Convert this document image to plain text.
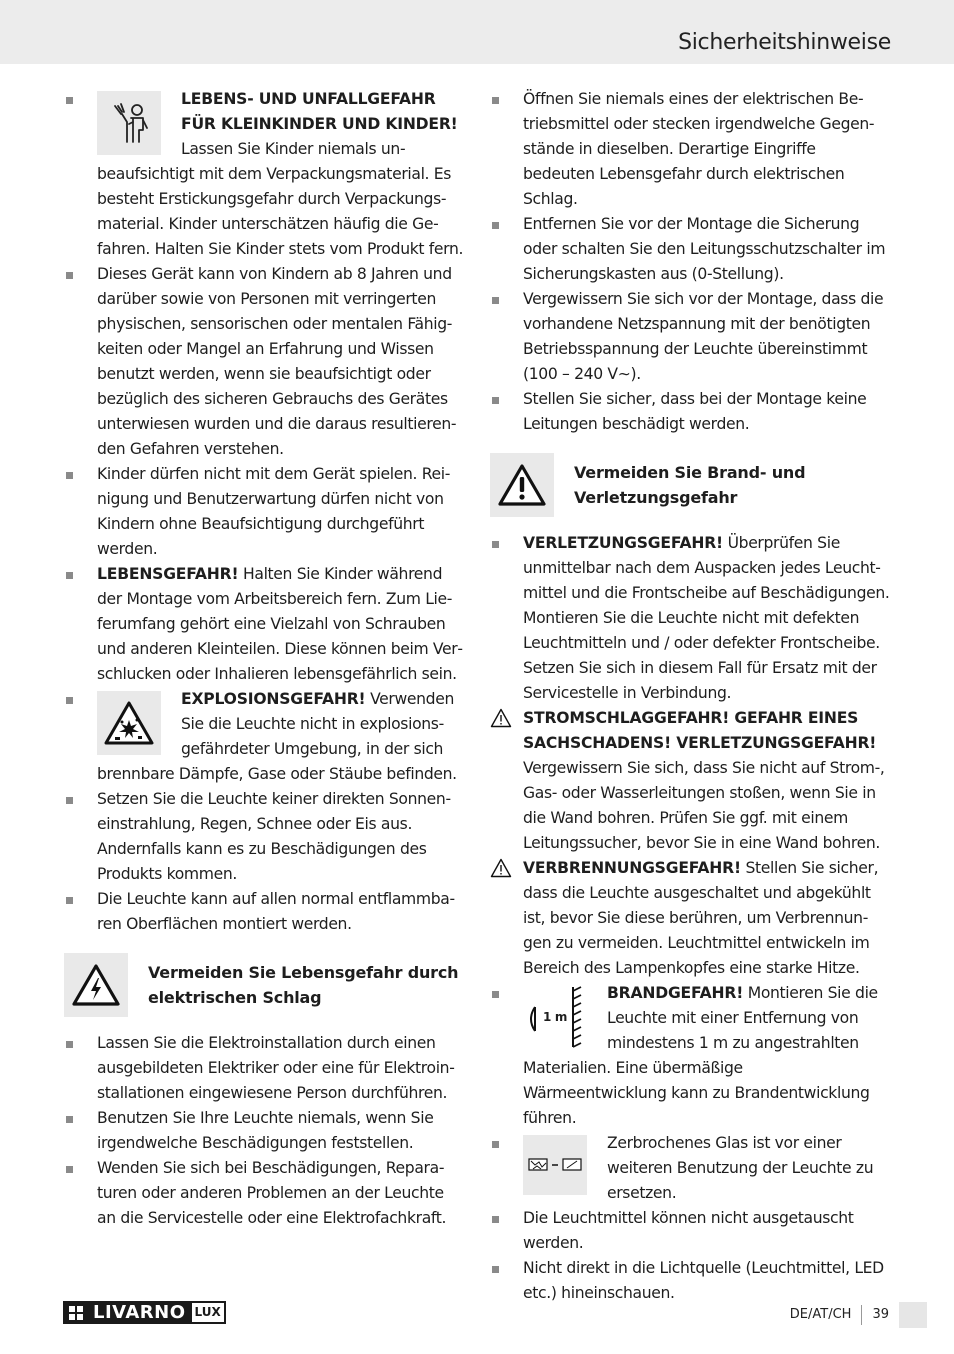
Sicherheitshinweise
LEBENS- UND UNFALLGEFAHR FÜR KLEINKINDER UND KINDER! Lassen Sie Kinder niemals unbeaufsichtigt mit dem Verpackungsmaterial. Es besteht Erstickungsgefahr durch Verpackungsmaterial. Kinder unterschätzen häufig die Gefahren. Halten Sie Kinder stets vom Produkt fern.
Dieses Gerät kann von Kindern ab 8 Jahren und darüber sowie von Personen mit verringerten physischen, sensorischen oder mentalen Fähigkeiten oder Mangel an Erfahrung und Wissen benutzt werden, wenn sie beaufsichtigt oder bezüglich des sicheren Gebrauchs des Gerätes unterwiesen wurden und die daraus resultierenden Gefahren verstehen.
Kinder dürfen nicht mit dem Gerät spielen. Reinigung und Benutzerwartung dürfen nicht von Kindern ohne Beaufsichtigung durchgeführt werden.
LEBENSGEFAHR! Halten Sie Kinder während der Montage vom Arbeitsbereich fern. Zum Lieferumfang gehört eine Vielzahl von Schrauben und anderen Kleinteilen. Diese können beim Verschlucken oder Inhalieren lebensgefährlich sein.
EXPLOSIONSGEFAHR! Verwenden Sie die Leuchte nicht in explosionsgefährdeter Umgebung, in der sich brennbare Dämpfe, Gase oder Stäube befinden.
Setzen Sie die Leuchte keiner direkten Sonneneinstrahlung, Regen, Schnee oder Eis aus. Andernfalls kann es zu Beschädigungen des Produkts kommen.
Die Leuchte kann auf allen normal entflammbaren Oberflächen montiert werden.
Vermeiden Sie Lebensgefahr durch elektrischen Schlag
Lassen Sie die Elektroinstallation durch einen ausgebildeten Elektriker oder eine für Elektroinstallationen eingewiesene Person durchführen.
Benutzen Sie Ihre Leuchte niemals, wenn Sie irgendwelche Beschädigungen feststellen.
Wenden Sie sich bei Beschädigungen, Reparaturen oder anderen Problemen an der Leuchte an die Servicestelle oder eine Elektrofachkraft.
Öffnen Sie niemals eines der elektrischen Betriebsmittel oder stecken irgendwelche Gegenstände in dieselben. Derartige Eingriffe bedeuten Lebensgefahr durch elektrischen Schlag.
Entfernen Sie vor der Montage die Sicherung oder schalten Sie den Leitungsschutzschalter im Sicherungskasten aus (0-Stellung).
Vergewissern Sie sich vor der Montage, dass die vorhandene Netzspannung mit der benötigten Betriebsspannung der Leuchte übereinstimmt (100 – 240 V∼).
Stellen Sie sicher, dass bei der Montage keine Leitungen beschädigt werden.
Vermeiden Sie Brand- und Verletzungsgefahr
VERLETZUNGSGEFAHR! Überprüfen Sie unmittelbar nach dem Auspacken jedes Leuchtmittel und die Frontscheibe auf Beschädigungen. Montieren Sie die Leuchte nicht mit defekten Leuchtmitteln und / oder defekter Frontscheibe. Setzen Sie sich in diesem Fall für Ersatz mit der Servicestelle in Verbindung.
STROMSCHLAGGEFAHR! GEFAHR EINES SACHSCHADENS! VERLETZUNGSGEFAHR! Vergewissern Sie sich, dass Sie nicht auf Strom-, Gas- oder Wasserleitungen stoßen, wenn Sie in die Wand bohren. Prüfen Sie ggf. mit einem Leitungssucher, bevor Sie in eine Wand bohren.
VERBRENNUNGSGEFAHR! Stellen Sie sicher, dass die Leuchte ausgeschaltet und abgekühlt ist, bevor Sie diese berühren, um Verbrennungen zu vermeiden. Leuchtmittel entwickeln im Bereich des Lampenkopfes eine starke Hitze.
1 m
BRANDGEFAHR! Montieren Sie die Leuchte mit einer Entfernung von mindestens 1 m zu angestrahlten Materialien. Eine übermäßige Wärmeentwicklung kann zu Brandentwicklung führen.
Zerbrochenes Glas ist vor einer weiteren Benutzung der Leuchte zu ersetzen.
Die Leuchtmittel können nicht ausgetauscht werden.
Nicht direkt in die Lichtquelle (Leuchtmittel, LED etc.) hineinschauen.
LIVARNO LUX	DE/AT/CH	39
